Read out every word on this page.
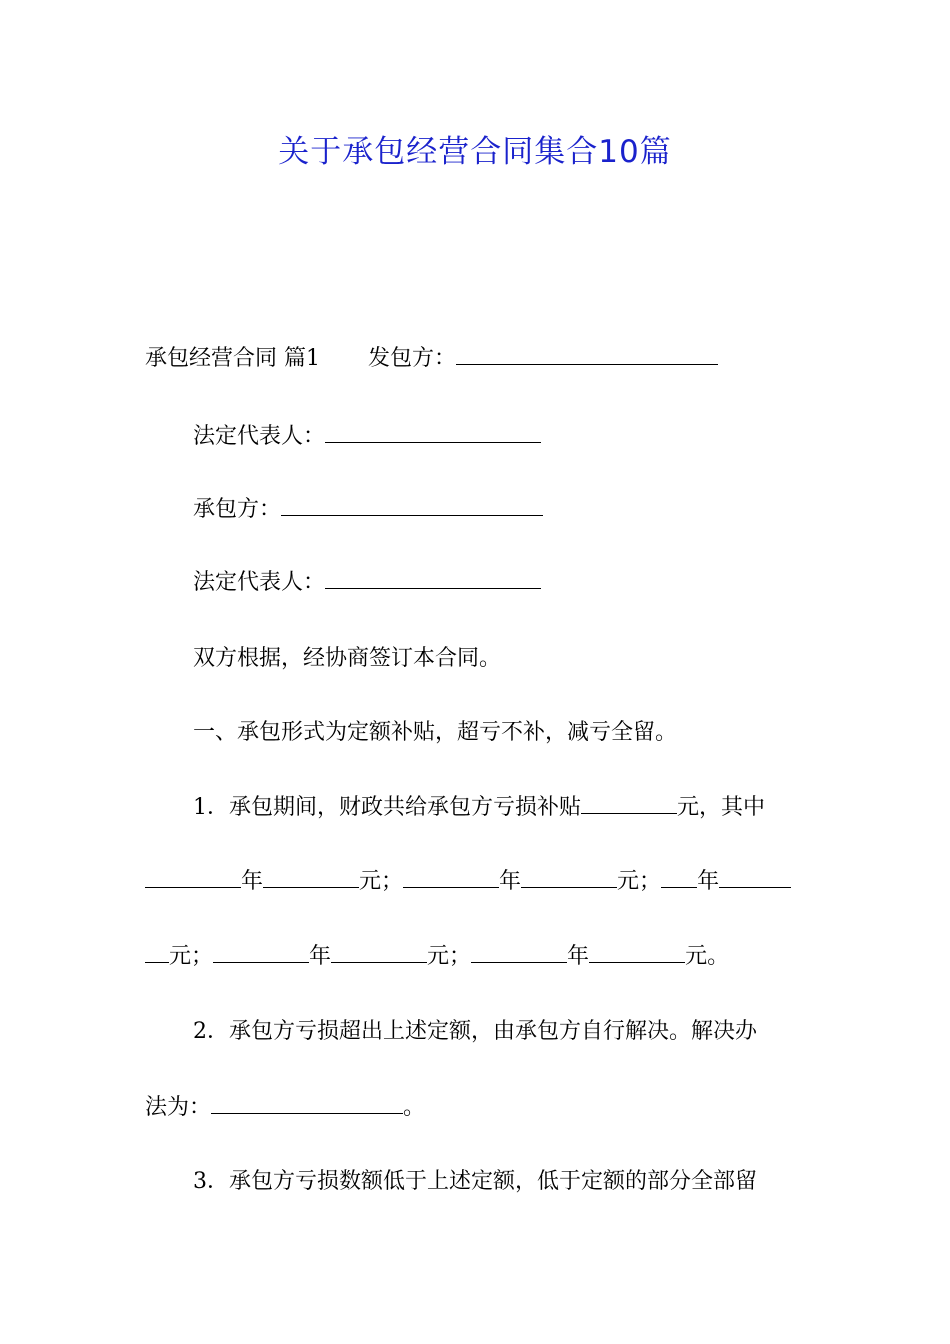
关于承包经营合同集合10篇
承包经营合同 篇1 发包方：
法定代表人：
承包方：
法定代表人：
双方根据，经协商签订本合同。
一、承包形式为定额补贴，超亏不补，减亏全留。
1．承包期间，财政共给承包方亏损补贴	元，其中
年	元；	年	元； 年
元；	年	元；	年	元。
2．承包方亏损超出上述定额，由承包方自行解决。解决办
法为：	。
3．承包方亏损数额低于上述定额，低于定额的部分全部留
